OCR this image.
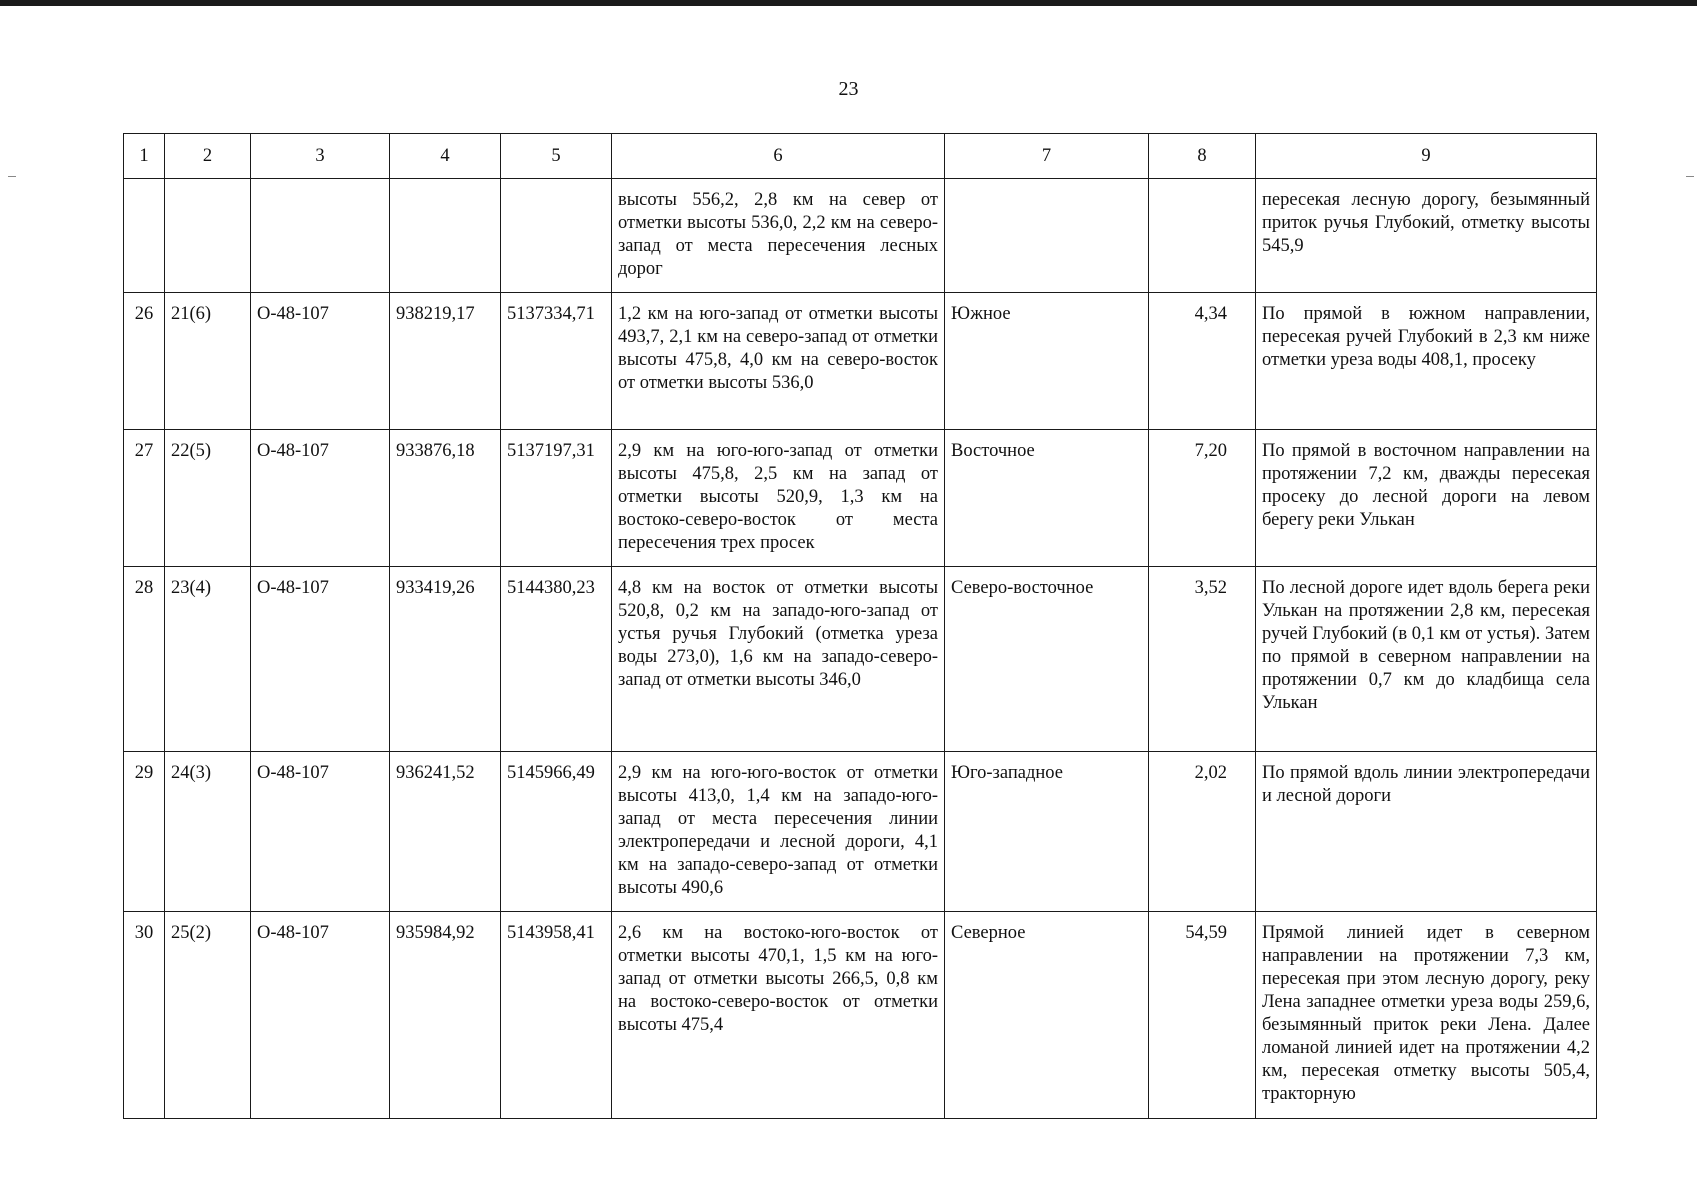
23
1	2	3	4	5	6	7	8	9
					высоты 556,2, 2,8 км на север от отметки высоты 536,0, 2,2 км на северо-запад от места пересечения лесных дорог			пересекая лесную дорогу, безымянный приток ручья Глубокий, отметку высоты 545,9
26	21(6)	О-48-107	938219,17	5137334,71	1,2 км на юго-запад от отметки высоты 493,7, 2,1 км на северо-запад от отметки высоты 475,8, 4,0 км на северо-восток от отметки высоты 536,0	Южное	4,34	По прямой в южном направлении, пересекая ручей Глубокий в 2,3 км ниже отметки уреза воды 408,1, просеку
27	22(5)	О-48-107	933876,18	5137197,31	2,9 км на юго-юго-запад от отметки высоты 475,8, 2,5 км на запад от отметки высоты 520,9, 1,3 км на востоко-северо-восток от места пересечения трех просек	Восточное	7,20	По прямой в восточном направлении на протяжении 7,2 км, дважды пересекая просеку до лесной дороги на левом берегу реки Улькан
28	23(4)	О-48-107	933419,26	5144380,23	4,8 км на восток от отметки высоты 520,8, 0,2 км на западо-юго-запад от устья ручья Глубокий (отметка уреза воды 273,0), 1,6 км на западо-северо-запад от отметки высоты 346,0	Северо-восточное	3,52	По лесной дороге идет вдоль берега реки Улькан на протяжении 2,8 км, пересекая ручей Глубокий (в 0,1 км от устья). Затем по прямой в северном направлении на протяжении 0,7 км до кладбища села Улькан
29	24(3)	О-48-107	936241,52	5145966,49	2,9 км на юго-юго-восток от отметки высоты 413,0, 1,4 км на западо-юго-запад от места пересечения линии электропередачи и лесной дороги, 4,1 км на западо-северо-запад от отметки высоты 490,6	Юго-западное	2,02	По прямой вдоль линии электропередачи и лесной дороги
30	25(2)	О-48-107	935984,92	5143958,41	2,6 км на востоко-юго-восток от отметки высоты 470,1, 1,5 км на юго-запад от отметки высоты 266,5, 0,8 км на востоко-северо-восток от отметки высоты 475,4	Северное	54,59	Прямой линией идет в северном направлении на протяжении 7,3 км, пересекая при этом лесную дорогу, реку Лена западнее отметки уреза воды 259,6, безымянный приток реки Лена. Далее ломаной линией идет на протяжении 4,2 км, пересекая отметку высоты 505,4, тракторную
